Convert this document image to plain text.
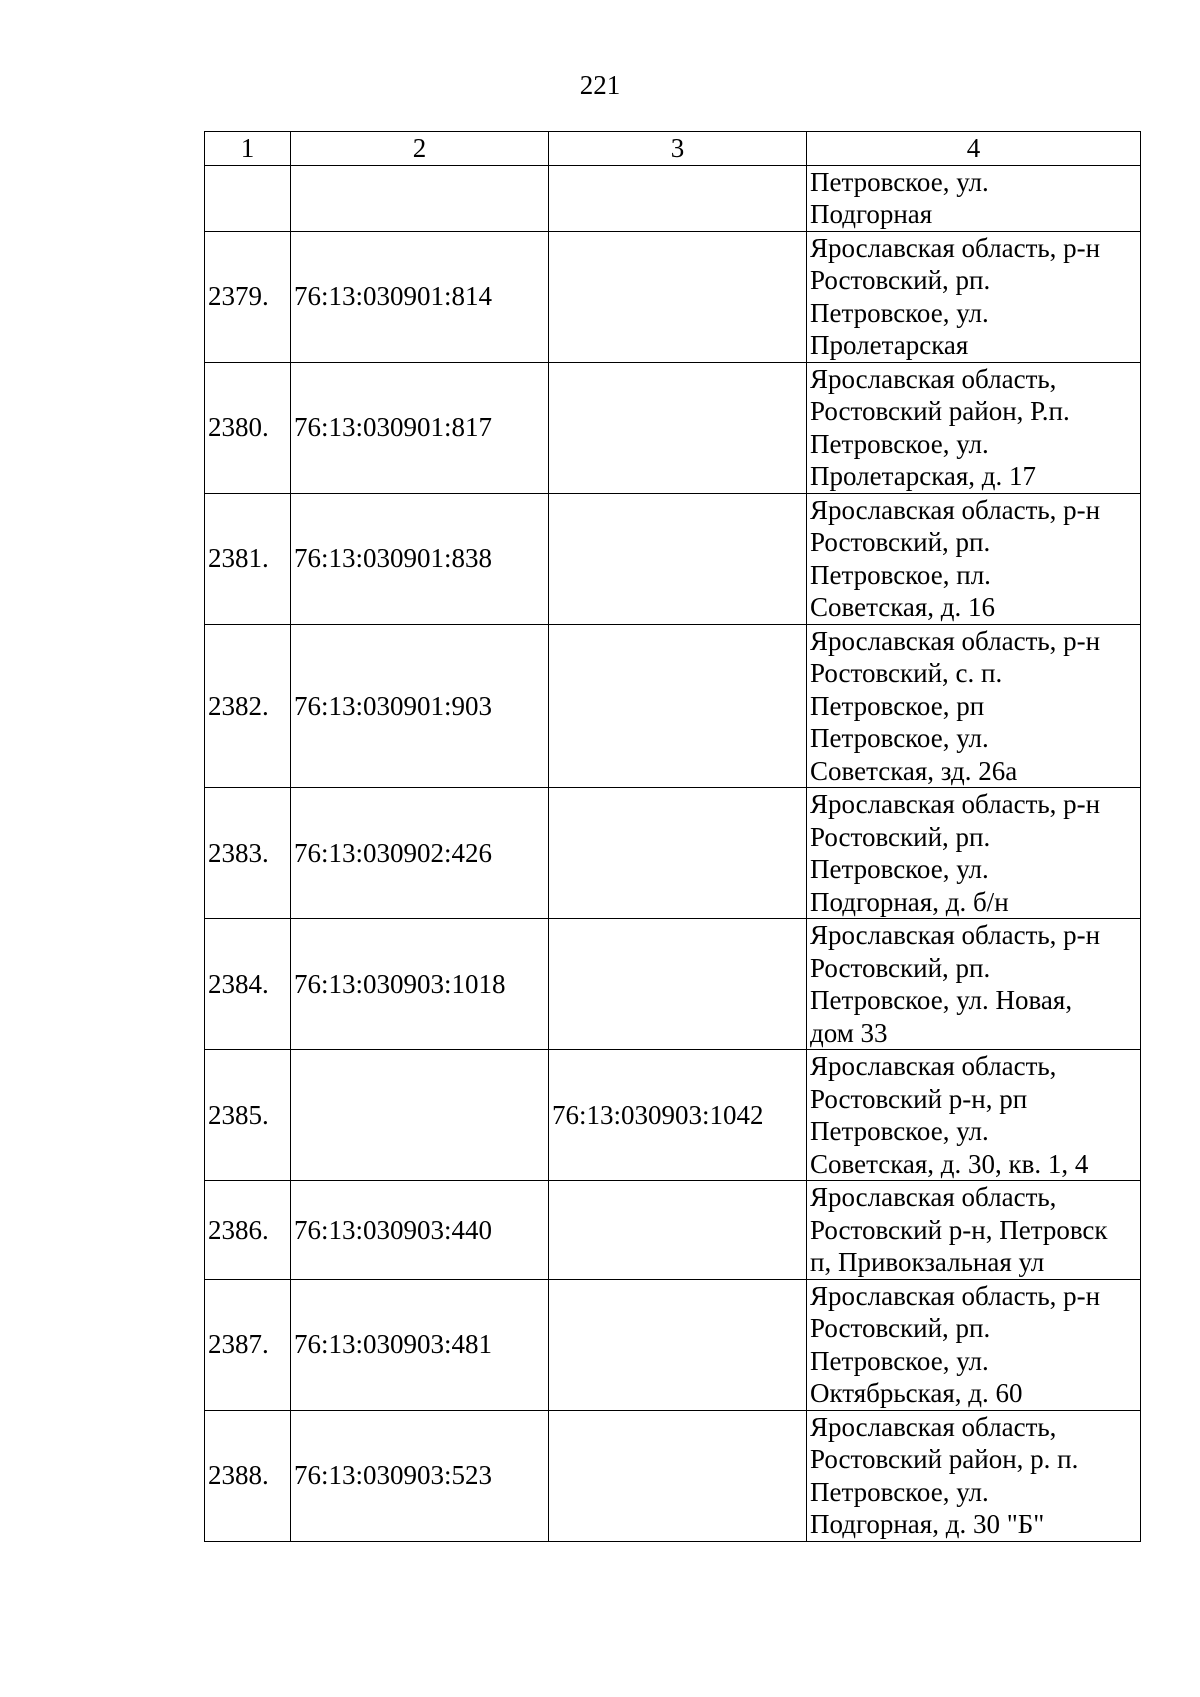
221
1	2	3	4
			Петровское, ул.
Подгорная
2379.	76:13:030901:814		Ярославская область, р-н
Ростовский, рп.
Петровское, ул.
Пролетарская
2380.	76:13:030901:817		Ярославская область,
Ростовский район, Р.п.
Петровское, ул.
Пролетарская, д. 17
2381.	76:13:030901:838		Ярославская область, р-н
Ростовский, рп.
Петровское, пл.
Советская, д. 16
2382.	76:13:030901:903		Ярославская область, р-н
Ростовский, с. п.
Петровское, рп
Петровское, ул.
Советская, зд. 26а
2383.	76:13:030902:426		Ярославская область, р-н
Ростовский, рп.
Петровское, ул.
Подгорная, д. б/н
2384.	76:13:030903:1018		Ярославская область, р-н
Ростовский, рп.
Петровское, ул. Новая,
дом 33
2385.		76:13:030903:1042	Ярославская область,
Ростовский р-н, рп
Петровское, ул.
Советская, д. 30, кв. 1, 4
2386.	76:13:030903:440		Ярославская область,
Ростовский р-н, Петровск
п, Привокзальная ул
2387.	76:13:030903:481		Ярославская область, р-н
Ростовский, рп.
Петровское, ул.
Октябрьская, д. 60
2388.	76:13:030903:523		Ярославская область,
Ростовский район, р. п.
Петровское, ул.
Подгорная, д. 30 "Б"
